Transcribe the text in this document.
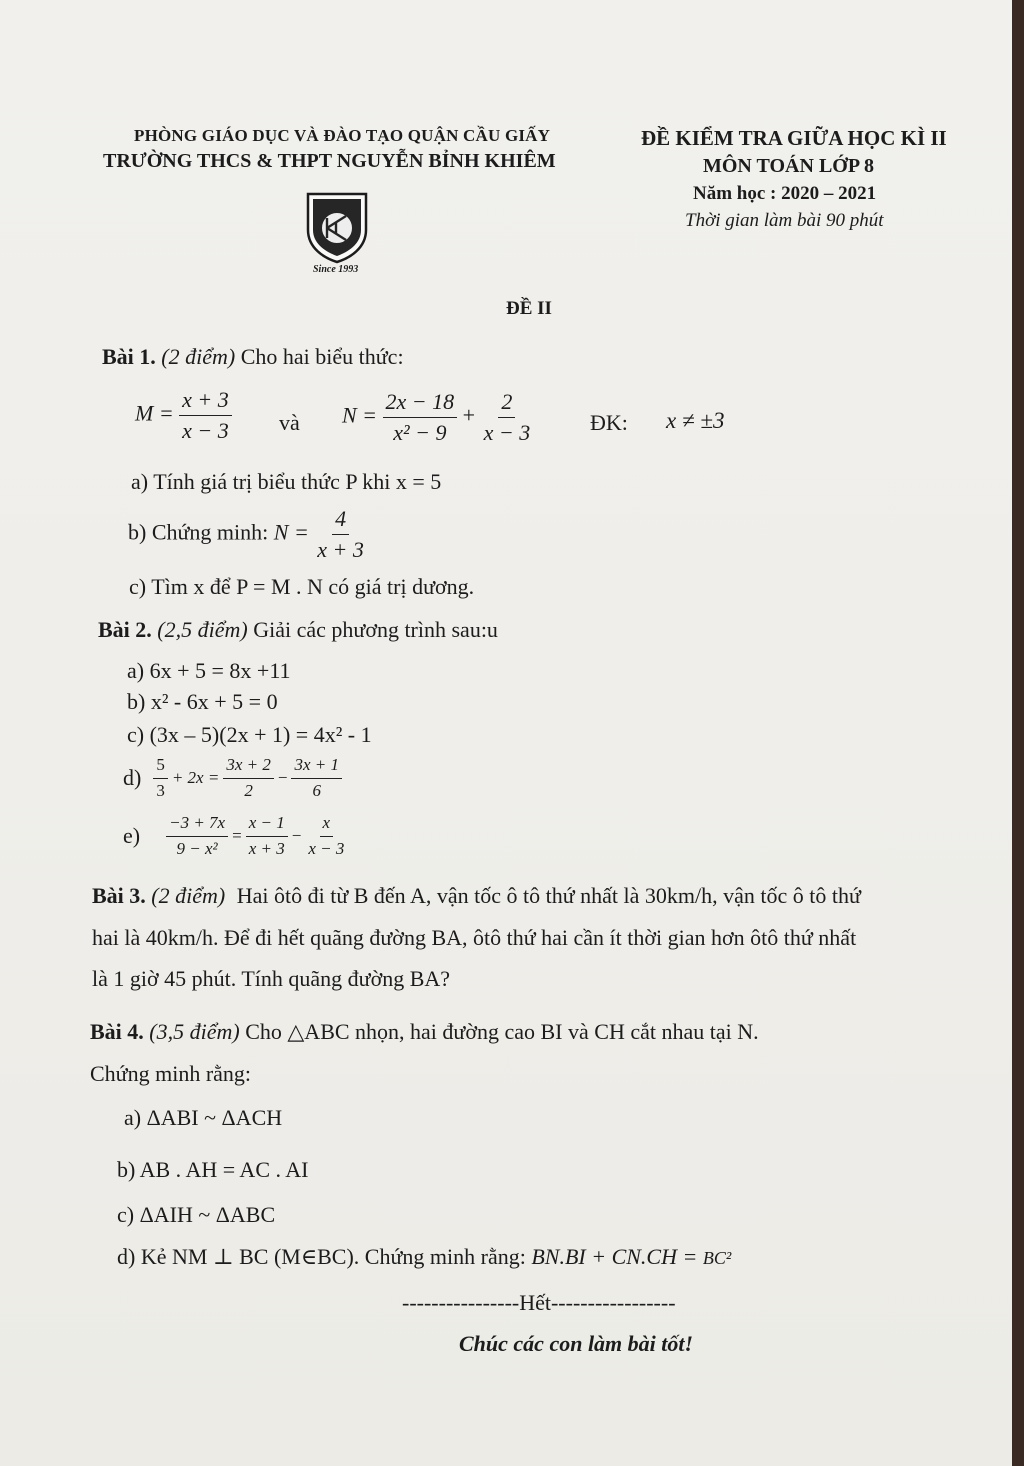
PHÒNG GIÁO DỤC VÀ ĐÀO TẠO QUẬN CẦU GIẤY
TRƯỜNG THCS & THPT NGUYỄN BỈNH KHIÊM
Since 1993
ĐỀ KIỂM TRA GIỮA HỌC KÌ II
MÔN TOÁN LỚP 8
Năm học : 2020 – 2021
Thời gian làm bài 90 phút
ĐỀ II
Bài 1. (2 điểm) Cho hai biểu thức:
$M = \frac{x + 3}{x - 3}$ và $N = \frac{2x - 18}{\text{x² − 9}} + \frac{2}{x - 3}$	ĐK: x ≠ ±3
a) Tính giá trị biểu thức P khi x = 5
b) Chứng minh: $N = \frac{4}{x + 3}$
c) Tìm x để P = M . N có giá trị dương.
Bài 2. (2,5 điểm) Giải các phương trình sau:u
a) 6x + 5 = 8x +11
b) x² - 6x + 5 = 0
c) (3x – 5)(2x + 1) = 4x² - 1
$d) \frac{5}{3} + 2x = \frac{3x + 2}{2} - \frac{3x + 1}{6}$
$e) \frac{-3 + 7x}{\text{9 − x²}} = \frac{x - 1}{x + 3} - \frac{x}{x - 3}$
Bài 3. (2 điểm) Hai ôtô đi từ B đến A, vận tốc ô tô thứ nhất là 30km/h, vận tốc ô tô thứ
hai là 40km/h. Để đi hết quãng đường BA, ôtô thứ hai cần ít thời gian hơn ôtô thứ nhất
là 1 giờ 45 phút. Tính quãng đường BA?
Bài 4. (3,5 điểm) Cho △ABC nhọn, hai đường cao BI và CH cắt nhau tại N.
Chứng minh rằng:
a) ΔABI ~ ΔACH
b) AB . AH = AC . AI
c) ΔAIH ~ ΔABC
d) Kẻ NM ⊥ BC (M∈BC). Chứng minh rằng: BN.BI + CN.CH = BC²
----------------Hết-----------------
Chúc các con làm bài tốt!
